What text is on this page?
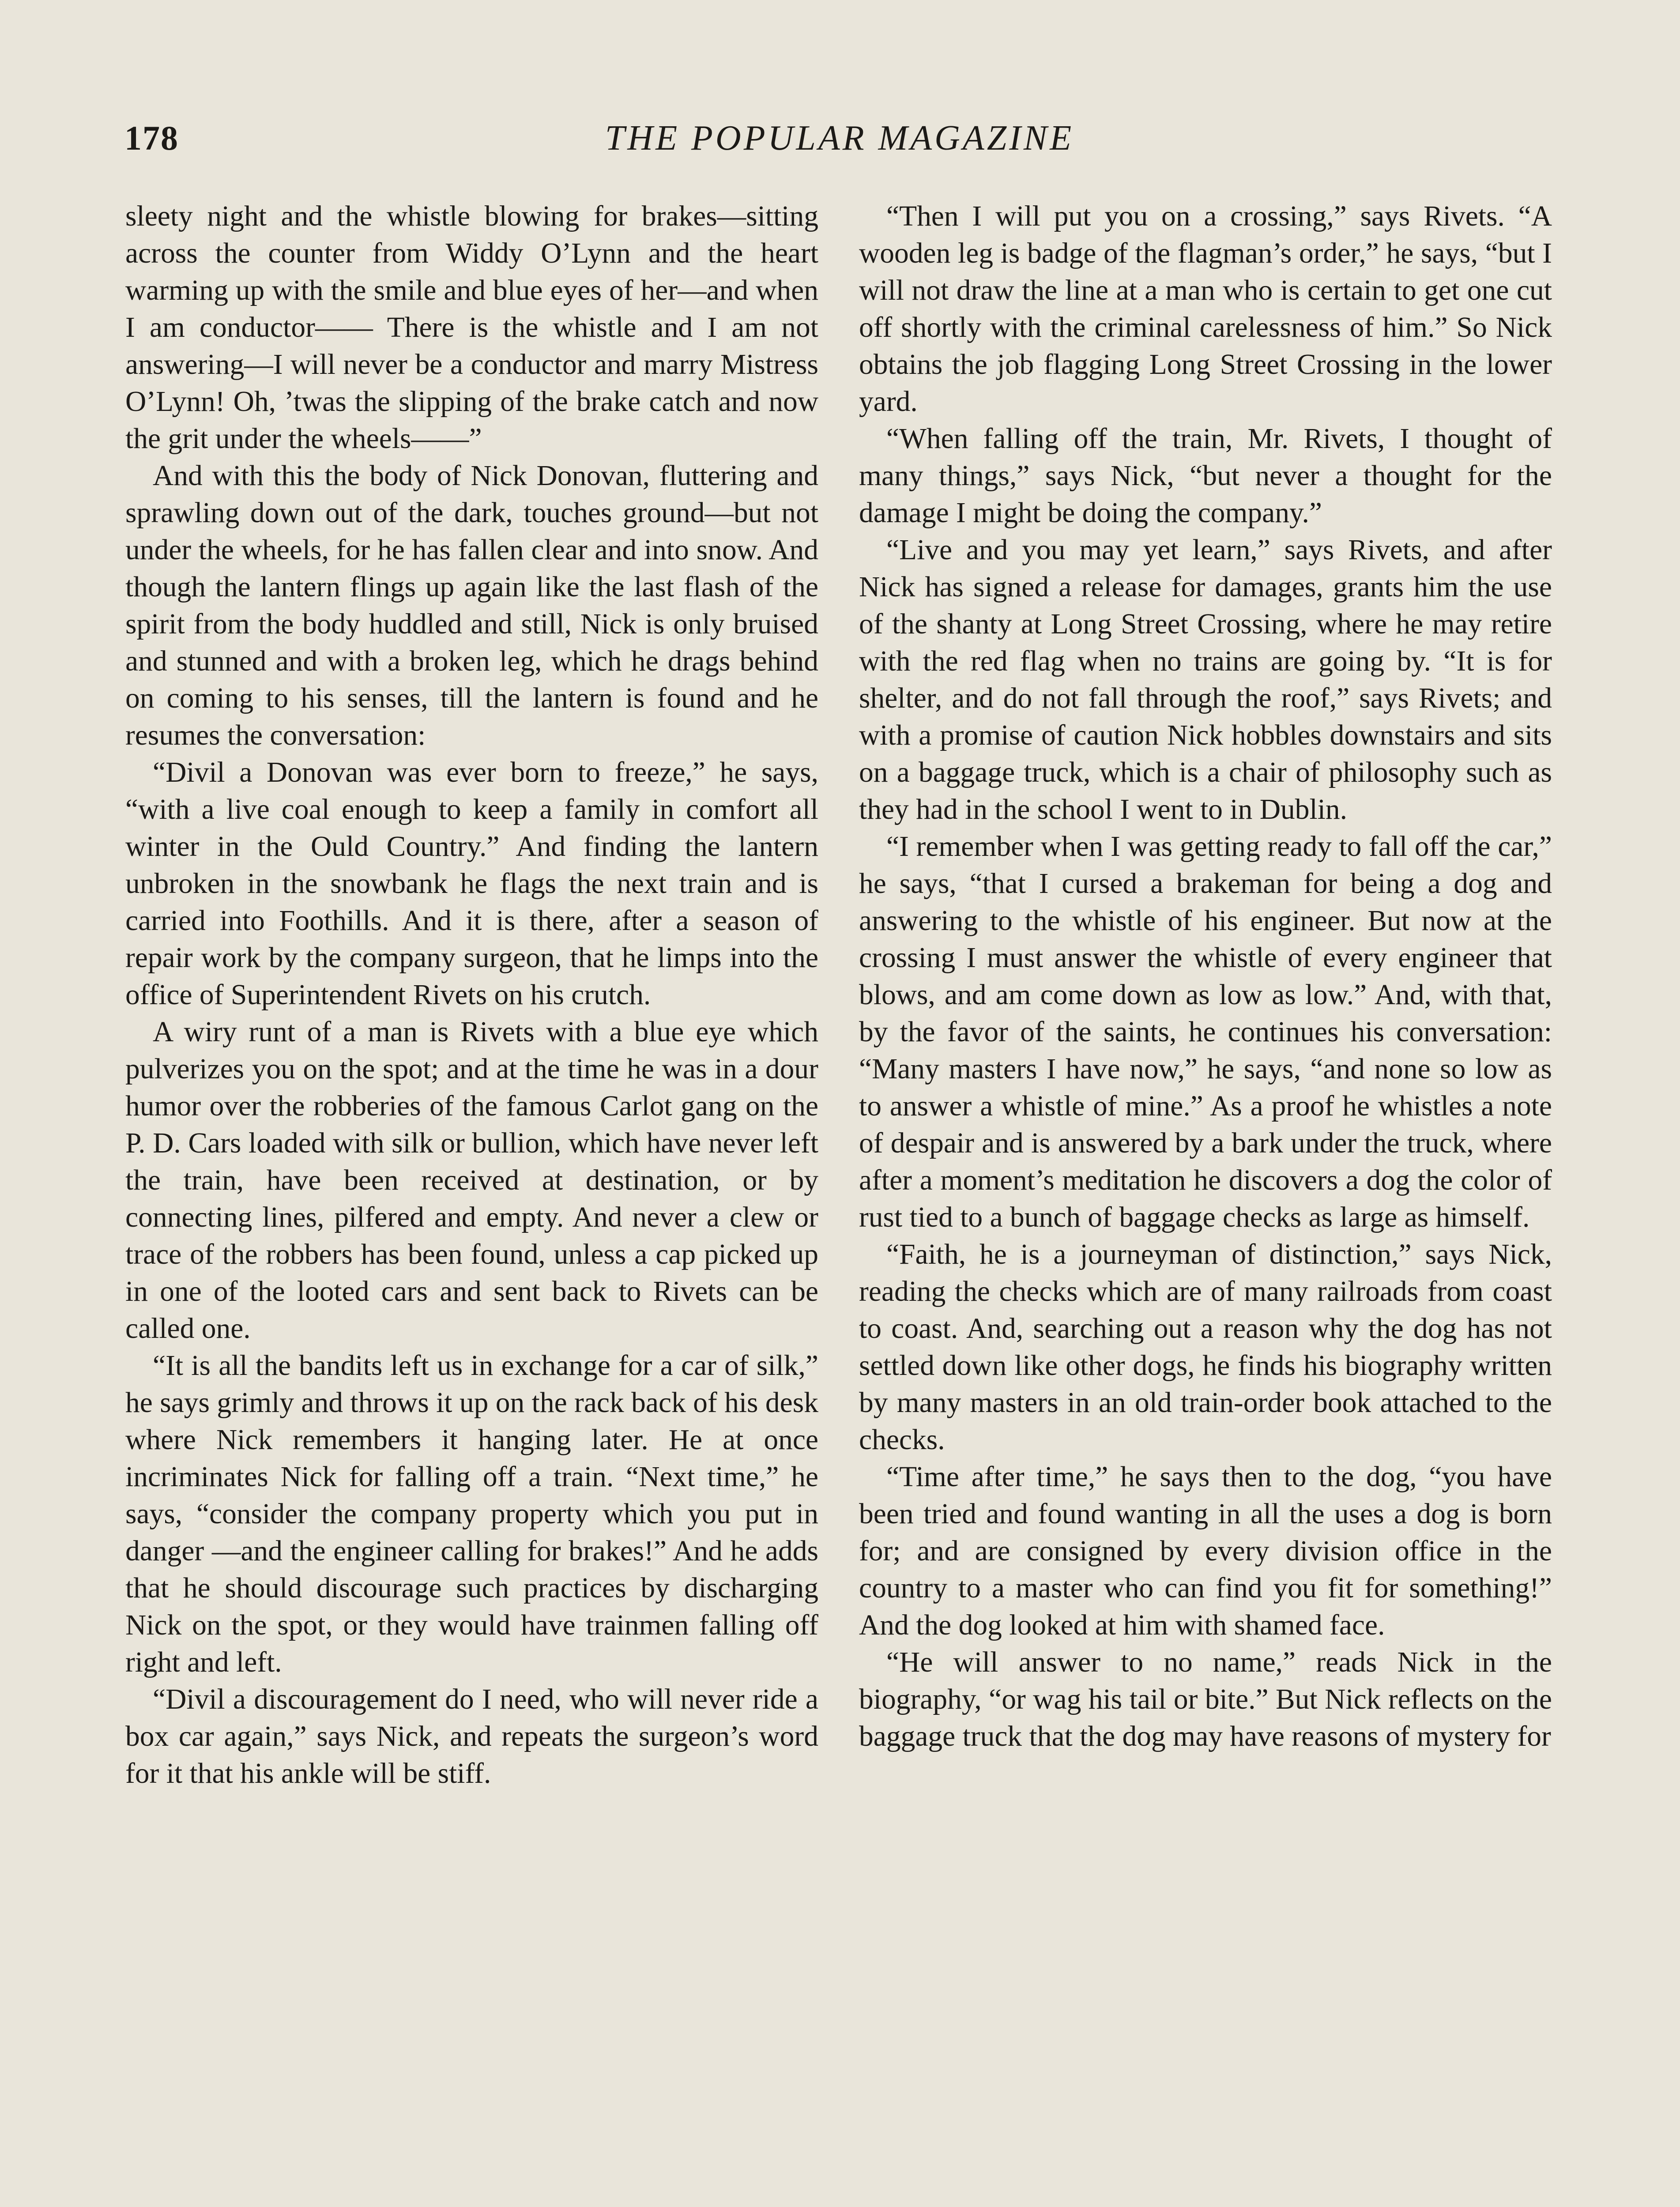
178	THE POPULAR MAGAZINE

sleety night and the whistle blowing for brakes—sitting across the counter from Widdy O’Lynn and the heart warming up with the smile and blue eyes of her—and when I am conductor—— There is the whistle and I am not answering—I will never be a conductor and marry Mistress O’Lynn! Oh, ’twas the slipping of the brake catch and now the grit under the wheels——”

And with this the body of Nick Donovan, fluttering and sprawling down out of the dark, touches ground—but not under the wheels, for he has fallen clear and into snow. And though the lantern flings up again like the last flash of the spirit from the body huddled and still, Nick is only bruised and stunned and with a broken leg, which he drags behind on coming to his senses, till the lantern is found and he resumes the conversation:

“Divil a Donovan was ever born to freeze,” he says, “with a live coal enough to keep a family in comfort all winter in the Ould Country.” And finding the lantern unbroken in the snowbank he flags the next train and is carried into Foothills. And it is there, after a season of repair work by the company surgeon, that he limps into the office of Superintendent Rivets on his crutch.

A wiry runt of a man is Rivets with a blue eye which pulverizes you on the spot; and at the time he was in a dour humor over the robberies of the famous Carlot gang on the P. D. Cars loaded with silk or bullion, which have never left the train, have been received at destination, or by connecting lines, pilfered and empty. And never a clew or trace of the robbers has been found, unless a cap picked up in one of the looted cars and sent back to Rivets can be called one.

“It is all the bandits left us in exchange for a car of silk,” he says grimly and throws it up on the rack back of his desk where Nick remembers it hanging later. He at once incriminates Nick for falling off a train. “Next time,” he says, “consider the company property which you put in danger —and the engineer calling for brakes!” And he adds that he should discourage such practices by discharging Nick on the spot, or they would have trainmen falling off right and left.

“Divil a discouragement do I need, who will never ride a box car again,” says Nick, and repeats the surgeon’s word for it that his ankle will be stiff.

“Then I will put you on a crossing,” says Rivets. “A wooden leg is badge of the flagman’s order,” he says, “but I will not draw the line at a man who is certain to get one cut off shortly with the criminal carelessness of him.” So Nick obtains the job flagging Long Street Crossing in the lower yard.

“When falling off the train, Mr. Rivets, I thought of many things,” says Nick, “but never a thought for the damage I might be doing the company.”

“Live and you may yet learn,” says Rivets, and after Nick has signed a release for damages, grants him the use of the shanty at Long Street Crossing, where he may retire with the red flag when no trains are going by. “It is for shelter, and do not fall through the roof,” says Rivets; and with a promise of caution Nick hobbles downstairs and sits on a baggage truck, which is a chair of philosophy such as they had in the school I went to in Dublin.

“I remember when I was getting ready to fall off the car,” he says, “that I cursed a brakeman for being a dog and answering to the whistle of his engineer. But now at the crossing I must answer the whistle of every engineer that blows, and am come down as low as low.” And, with that, by the favor of the saints, he continues his conversation: “Many masters I have now,” he says, “and none so low as to answer a whistle of mine.” As a proof he whistles a note of despair and is answered by a bark under the truck, where after a moment’s meditation he discovers a dog the color of rust tied to a bunch of baggage checks as large as himself.

“Faith, he is a journeyman of distinction,” says Nick, reading the checks which are of many railroads from coast to coast. And, searching out a reason why the dog has not settled down like other dogs, he finds his biography written by many masters in an old train-order book attached to the checks.

“Time after time,” he says then to the dog, “you have been tried and found wanting in all the uses a dog is born for; and are consigned by every division office in the country to a master who can find you fit for something!” And the dog looked at him with shamed face.

“He will answer to no name,” reads Nick in the biography, “or wag his tail or bite.” But Nick reflects on the baggage truck that the dog may have reasons of mystery for
